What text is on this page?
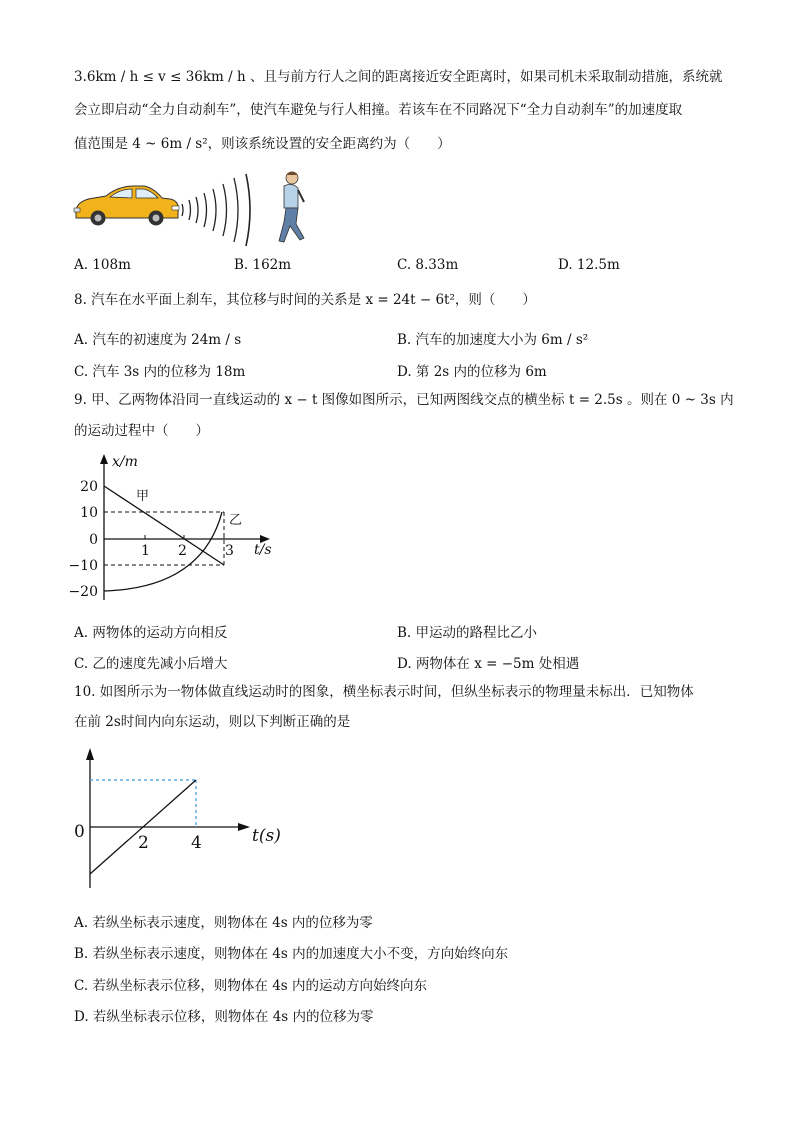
3.6km / h ≤ v ≤ 36km / h 、且与前方行人之间的距离接近安全距离时，如果司机未采取制动措施，系统就
会立即启动“全力自动刹车”，使汽车避免与行人相撞。若该车在不同路况下“全力自动刹车”的加速度取
值范围是 4 ~ 6m / s²，则该系统设置的安全距离约为（　　）
A. 108m	B. 162m	C. 8.33m	D. 12.5m
8. 汽车在水平面上刹车，其位移与时间的关系是 x = 24t − 6t²，则（　　）
A. 汽车的初速度为 24m / s	B. 汽车的加速度大小为 6m / s²
C. 汽车 3s 内的位移为 18m	D. 第 2s 内的位移为 6m
9. 甲、乙两物体沿同一直线运动的 x − t 图像如图所示，已知两图线交点的横坐标 t = 2.5s 。则在 0 ~ 3s 内
的运动过程中（　　）
x/m
t/s
20
10
0
−10
−20
1 2	3
甲
乙
A. 两物体的运动方向相反	B. 甲运动的路程比乙小
C. 乙的速度先减小后增大	D. 两物体在 x = −5m 处相遇
10. 如图所示为一物体做直线运动时的图象，横坐标表示时间，但纵坐标表示的物理量未标出．已知物体
在前 2s时间内向东运动，则以下判断正确的是
0
2 4	t(s)
A. 若纵坐标表示速度，则物体在 4s 内的位移为零
B. 若纵坐标表示速度，则物体在 4s 内的加速度大小不变，方向始终向东
C. 若纵坐标表示位移，则物体在 4s 内的运动方向始终向东
D. 若纵坐标表示位移，则物体在 4s 内的位移为零
